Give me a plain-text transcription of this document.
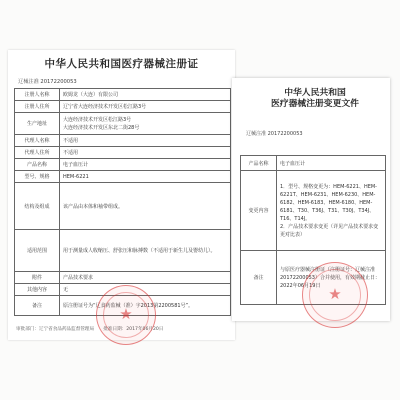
中华人民共和国医疗器械注册证
辽械注准 20172200053
注册人名称	欧姆龙（大连）有限公司
注册人住所	辽宁省大连经济技术开发区松江路3号
生产地址	大连经济技术开发区松江路3号
大连经济技术开发区东北二街28号
代理人名称	不适用
代理人住所	不适用
产品名称	电子血压计
型号、规格	HEM-6221
结构及组成	该产品由本体和袖带组成。
适用范围	用于测量成人收缩压、舒张压和脉搏数（不适用于新生儿及婴幼儿）。
附件	产品技术要求
其他内容	无
备注	原注册证号为“辽食药监械（准）字2013第2200581号”。
审批部门：辽宁省食品药品监督管理局　　批准日期：2017年06月20日
★
中华人民共和国
医疗器械注册变更文件
辽械注准 20172200053
产品名称	电子血压计
变更内容	1．型号、规格变更为：HEM-6221、HEM-6221T、HEM-6231、HEM-6230、HEM-6182、HEM-6183、HEM-6180、HEM-6181、T30、T36J、T31、T30J、T34J、T16、T14J。
2．产品技术要求变更（详见产品技术要求变更对比表）
备注	与原医疗器械注册证（注册证号：辽械注准20172200053）合并使用，有效期截止日：2022年06月19日 ★
